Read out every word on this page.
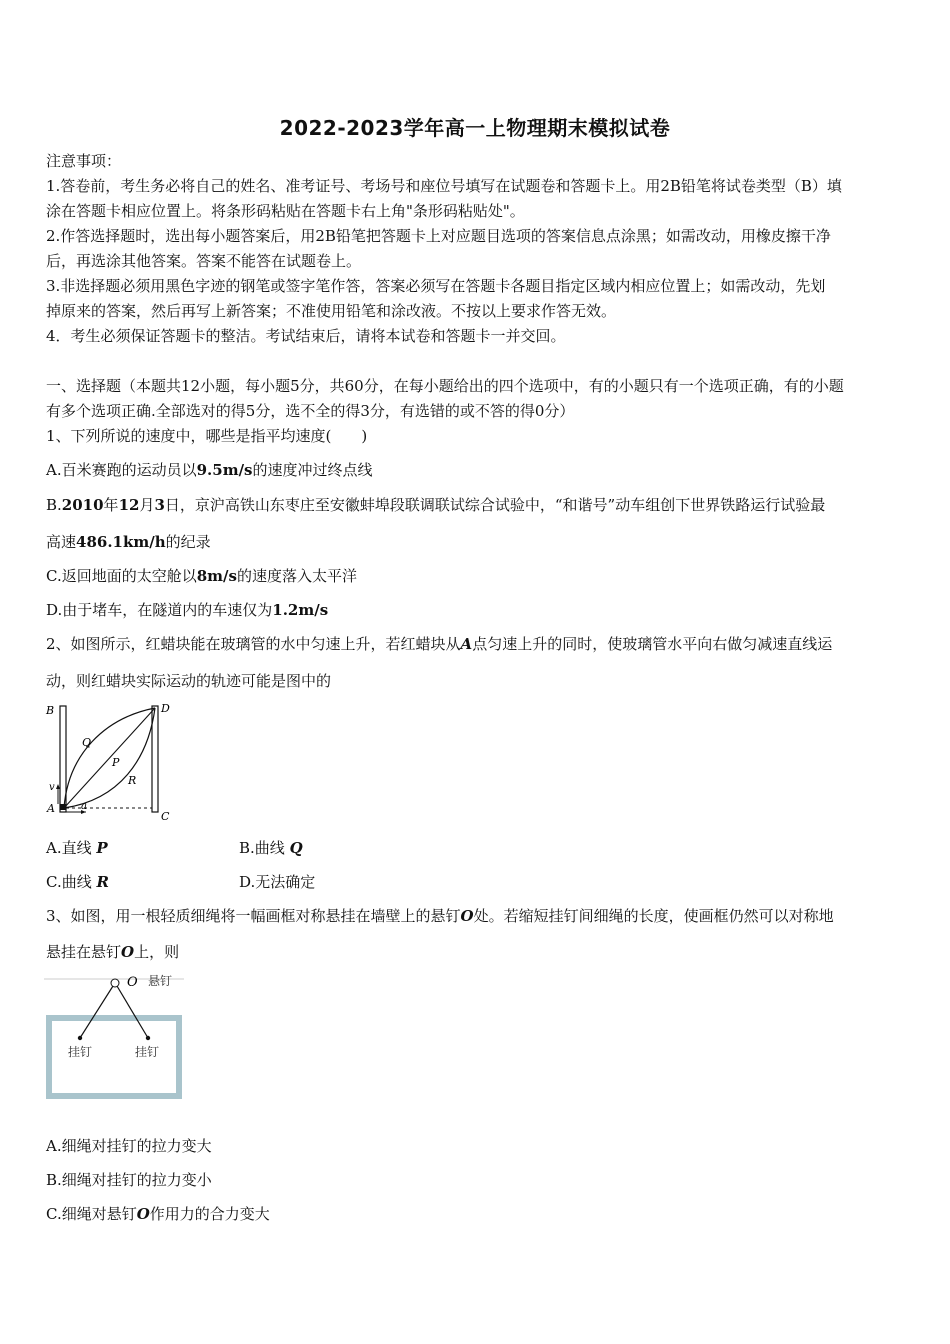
2022-2023学年高一上物理期末模拟试卷
注意事项：
1.答卷前，考生务必将自己的姓名、准考证号、考场号和座位号填写在试题卷和答题卡上。用2B铅笔将试卷类型（B）填
涂在答题卡相应位置上。将条形码粘贴在答题卡右上角"条形码粘贴处"。
2.作答选择题时，选出每小题答案后，用2B铅笔把答题卡上对应题目选项的答案信息点涂黑；如需改动，用橡皮擦干净
后，再选涂其他答案。答案不能答在试题卷上。
3.非选择题必须用黑色字迹的钢笔或签字笔作答，答案必须写在答题卡各题目指定区域内相应位置上；如需改动，先划
掉原来的答案，然后再写上新答案；不准使用铅笔和涂改液。不按以上要求作答无效。
4．考生必须保证答题卡的整洁。考试结束后，请将本试卷和答题卡一并交回。
一、选择题（本题共12小题，每小题5分，共60分，在每小题给出的四个选项中，有的小题只有一个选项正确，有的小题
有多个选项正确.全部选对的得5分，选不全的得3分，有选错的或不答的得0分）
1、下列所说的速度中，哪些是指平均速度(　　)
A.百米赛跑的运动员以9.5m/s的速度冲过终点线
B.2010年12月3日，京沪高铁山东枣庄至安徽蚌埠段联调联试综合试验中，“和谐号”动车组创下世界铁路运行试验最
高速486.1km/h的纪录
C.返回地面的太空舱以8m/s的速度落入太平洋
D.由于堵车，在隧道内的车速仅为1.2m/s
2、如图所示，红蜡块能在玻璃管的水中匀速上升，若红蜡块从A点匀速上升的同时，使玻璃管水平向右做匀减速直线运
动，则红蜡块实际运动的轨迹可能是图中的
B	D
Q
P
R
v
A	a
C
A.直线 P	B.曲线 Q
C.曲线 R	D.无法确定
3、如图，用一根轻质细绳将一幅画框对称悬挂在墙壁上的悬钉O处。若缩短挂钉间细绳的长度，使画框仍然可以对称地
悬挂在悬钉O上，则
O 悬钉
挂钉	挂钉
A.细绳对挂钉的拉力变大
B.细绳对挂钉的拉力变小
C.细绳对悬钉O作用力的合力变大
